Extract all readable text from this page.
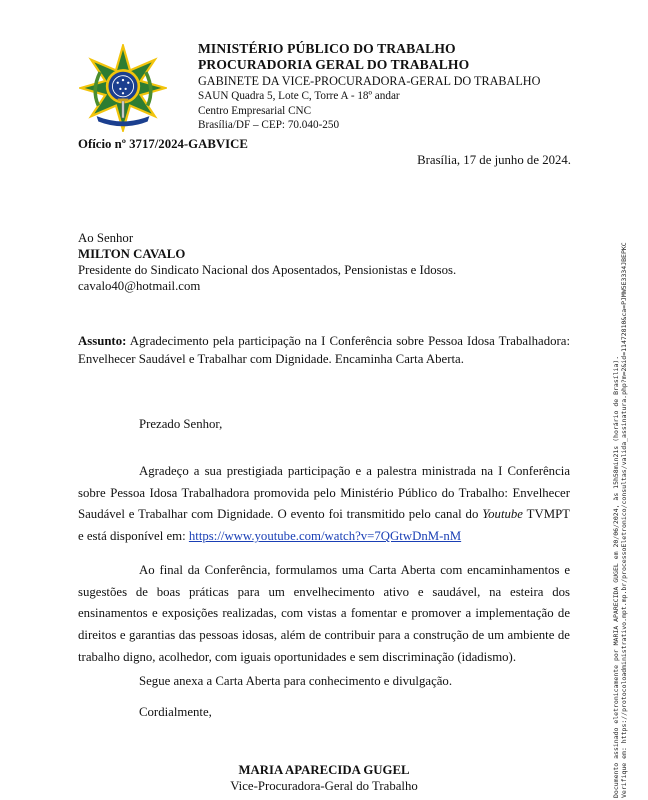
MINISTÉRIO PÚBLICO DO TRABALHO
PROCURADORIA GERAL DO TRABALHO
GABINETE DA VICE-PROCURADORA-GERAL DO TRABALHO
SAUN Quadra 5, Lote C, Torre A - 18º andar
Centro Empresarial CNC
Brasília/DF – CEP: 70.040-250
Ofício nº 3717/2024-GABVICE
Brasília, 17 de junho de 2024.
Ao Senhor
MILTON CAVALO
Presidente do Sindicato Nacional dos Aposentados, Pensionistas e Idosos.
cavalo40@hotmail.com
Assunto: Agradecimento pela participação na I Conferência sobre Pessoa Idosa Trabalhadora: Envelhecer Saudável e Trabalhar com Dignidade. Encaminha Carta Aberta.
Prezado Senhor,
Agradeço a sua prestigiada participação e a palestra ministrada na I Conferência sobre Pessoa Idosa Trabalhadora promovida pelo Ministério Público do Trabalho: Envelhecer Saudável e Trabalhar com Dignidade. O evento foi transmitido pelo canal do Youtube TVMPT e está disponível em: https://www.youtube.com/watch?v=7QGtwDnM-nM
Ao final da Conferência, formulamos uma Carta Aberta com encaminhamentos e sugestões de boas práticas para um envelhecimento ativo e saudável, na esteira dos ensinamentos e exposições realizadas, com vistas a fomentar e promover a implementação de direitos e garantias das pessoas idosas, além de contribuir para a construção de um ambiente de trabalho digno, acolhedor, com iguais oportunidades e sem discriminação (idadismo).
Segue anexa a Carta Aberta para conhecimento e divulgação.
Cordialmente,
MARIA APARECIDA GUGEL
Vice-Procuradora-Geral do Trabalho	Documento assinado eletronicamente por MARIA APARECIDA GUGEL em 20/06/2024, às 15h58min21s (horário de Brasília). Verifique em: https://protocoloadministrativo.mpt.mp.br/processoEletronico/consultas/valida_assinatura.php?m=2&id=11472810&ca=PJMW5E3334JBEPKC
